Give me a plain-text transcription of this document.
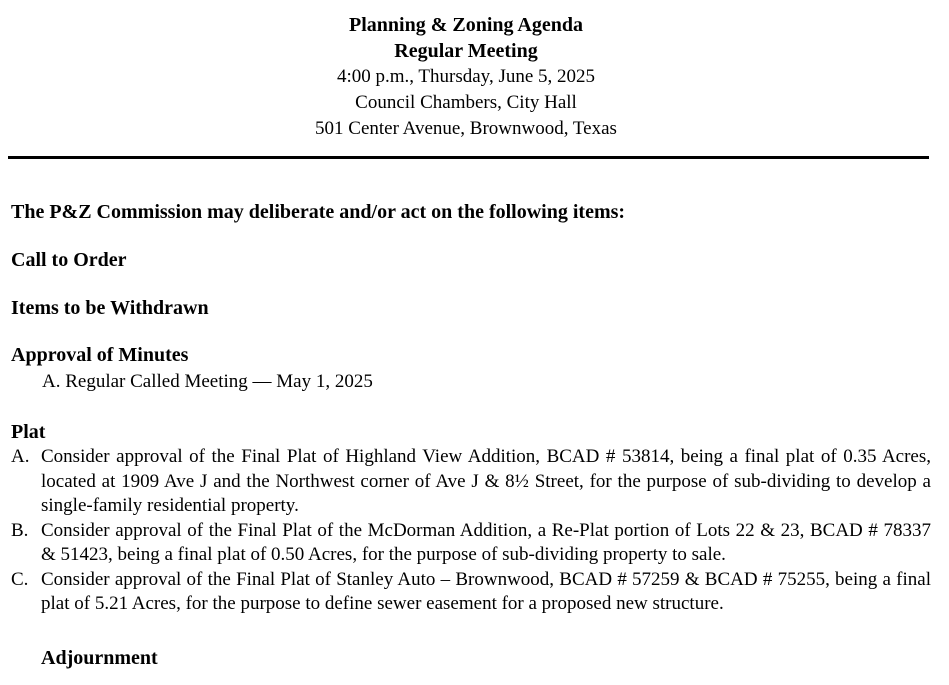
Planning & Zoning Agenda
Regular Meeting
4:00 p.m., Thursday, June 5, 2025
Council Chambers, City Hall
501 Center Avenue, Brownwood, Texas
The P&Z Commission may deliberate and/or act on the following items:
Call to Order
Items to be Withdrawn
Approval of Minutes
A. Regular Called Meeting — May 1, 2025
Plat
A. Consider approval of the Final Plat of Highland View Addition, BCAD # 53814, being a final plat of 0.35 Acres, located at 1909 Ave J and the Northwest corner of Ave J & 8½ Street, for the purpose of sub-dividing to develop a single-family residential property.
B. Consider approval of the Final Plat of the McDorman Addition, a Re-Plat portion of Lots 22 & 23, BCAD # 78337 & 51423, being a final plat of 0.50 Acres, for the purpose of sub-dividing property to sale.
C. Consider approval of the Final Plat of Stanley Auto – Brownwood, BCAD # 57259 & BCAD # 75255, being a final plat of 5.21 Acres, for the purpose to define sewer easement for a proposed new structure.
Adjournment
